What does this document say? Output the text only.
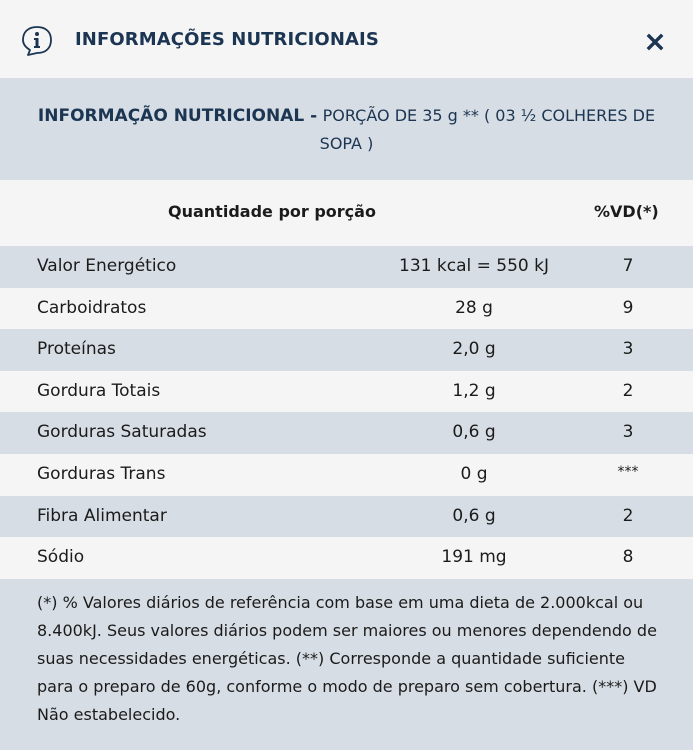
INFORMAÇÕES NUTRICIONAIS
INFORMAÇÃO NUTRICIONAL - PORÇÃO DE 35 g ** ( 03 ½ COLHERES DE SOPA )
Quantidade por porção	%VD(*)
Valor Energético	131 kcal = 550 kJ	7
Carboidratos	28 g	9
Proteínas	2,0 g	3
Gordura Totais	1,2 g	2
Gorduras Saturadas	0,6 g	3
Gorduras Trans	0 g	***
Fibra Alimentar	0,6 g	2
Sódio	191 mg	8
(*) % Valores diários de referência com base em uma dieta de 2.000kcal ou 8.400kJ. Seus valores diários podem ser maiores ou menores dependendo de suas necessidades energéticas. (**) Corresponde a quantidade suficiente para o preparo de 60g, conforme o modo de preparo sem cobertura. (***) VD Não estabelecido.
